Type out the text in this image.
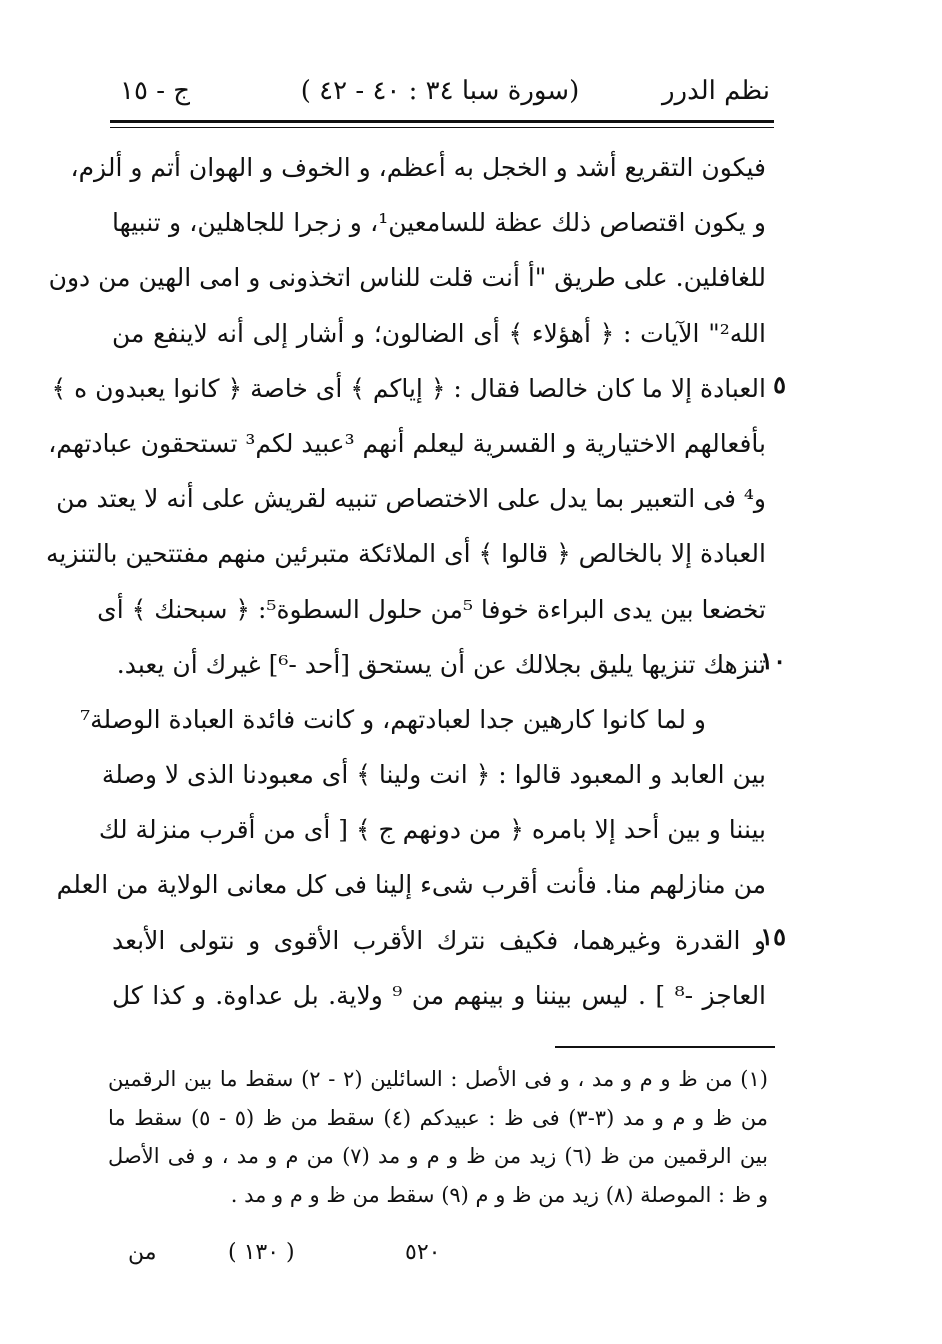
نظم الدرر
( سورة سبا ٣٤ : ٤٠ - ٤٢)
ج - ١٥
فيكون التقريع أشد و الخجل به أعظم، و الخوف و الهوان أتم و ألزم،
و يكون اقتصاص ذلك عظة للسامعين¹، و زجرا للجاهلين، و تنبيها
للغافلين. على طريق "أ أنت قلت للناس اتخذونى و امى الهين من دون
الله²" الآيات : ﴿ أهؤلاء ﴾ أى الضالون؛ و أشار إلى أنه لاينفع من
العبادة إلا ما كان خالصا فقال : ﴿ إياكم ﴾ أى خاصة ﴿ كانوا يعبدون ه ﴾
بأفعالهم الاختيارية و القسرية ليعلم أنهم ³عبيد لكم³ تستحقون عبادتهم،
و⁴ فى التعبير بما يدل على الاختصاص تنبيه لقريش على أنه لا يعتد من
العبادة إلا بالخالص ﴿ قالوا ﴾ أى الملائكة متبرئين منهم مفتتحين بالتنزيه
تخضعا بين يدى البراءة خوفا ⁵من حلول السطوة⁵: ﴿ سبحنك ﴾ أى
تنزهك تنزيها يليق بجلالك عن أن يستحق [أحد -⁶] غيرك أن يعبد.
و لما كانوا كارهين جدا لعبادتهم، و كانت فائدة العبادة الوصلة⁷
بين العابد و المعبود قالوا : ﴿ انت ولينا ﴾ أى معبودنا الذى لا وصلة
بيننا و بين أحد إلا بامره ﴿ من دونهم ج ﴾ [ أى من أقرب منزلة لك
من منازلهم منا. فأنت أقرب شىء إلينا فى كل معانى الولاية من العلم
و القدرة وغيرهما، فكيف نترك الأقرب الأقوى و نتولى الأبعد
العاجز -⁸ ] . ليس بيننا و بينهم من ⁹ ولاية. بل عداوة. و كذا كل
٥
١٠
١٥
(١) من ظ و م و مد ، و فى الأصل : السائلين (٢ - ٢) سقط ما بين الرقمين
من ظ و م و مد (٣-٣) فى ظ : عبيدكم (٤) سقط من ظ (٥ - ٥) سقط ما
بين الرقمين من ظ (٦) زيد من ظ و م و مد (٧) من م و مد ، و فى الأصل
و ظ : الموصلة (٨) زيد من ظ و م (٩) سقط من ظ و م و مد .
٥٢٠
( ١٣٠ )
من
